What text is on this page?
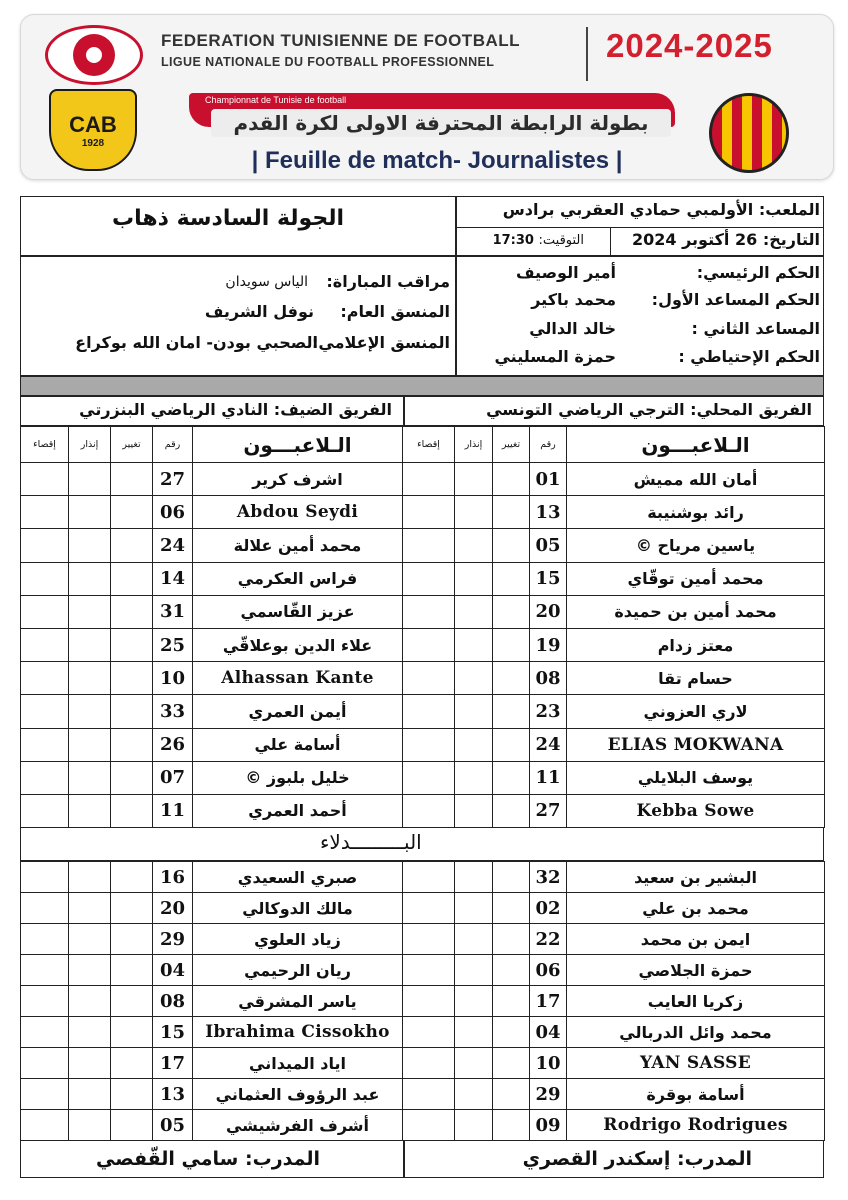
FEDERATION TUNISIENNE DE FOOTBALL
LIGUE NATIONALE DU FOOTBALL PROFESSIONNEL	2024-2025
CAB
1928
Championnat de Tunisie de football
بطولة الرابطة المحترفة الاولى لكرة القدم
| Feuille de match- Journalistes |
الجولة السادسة ذهاب	الملعب: الأولمبي حمادي العقربي برادس
التاريخ: 26 أكتوبر 2024
التوقيت: 17:30
الحكم الرئيسي:
أمير الوصيف
الحكم المساعد الأول:
محمد باكير
المساعد الثاني :
خالد الدالي
الحكم الإحتياطي :
حمزة المسليني
مراقب المباراة:
الياس سويدان
المنسق العام:
نوفل الشريف
المنسق الإعلامي:
الصحبي بودن- امان الله بوكراع
الفريق المحلي: الترجي الرياضي التونسي
الفريق الضيف: النادي الرياضي البنزرتي
إقصاء	إنذار	تغيير	رقم	الـلاعبـــون
			01	أمان الله مميش
			13	رائد بوشنيبة
			05	ياسين مرياح ©
			15	محمد أمين توقّاي
			20	محمد أمين بن حميدة
			19	معتز زدام
			08	حسام تقا
			23	لاري العزوني
			24	ELIAS MOKWANA
			11	يوسف البلايلي
			27	Kebba Sowe
إقصاء	إنذار	تغيير	رقم	الـلاعبـــون
			27	اشرف كرير
			06	Abdou Seydi
			24	محمد أمين علالة
			14	فراس العكرمي
			31	عزيز القّاسمي
			25	علاء الدين بوعلاقّي
			10	Alhassan Kante
			33	أيمن العمري
			26	أسامة علي
			07	خليل بلبوز ©
			11	أحمد العمري
البـــــــــدلاء
			32	البشير بن سعيد
			02	محمد بن علي
			22	ايمن بن محمد
			06	حمزة الجلاصي
			17	زكريا العايب
			04	محمد وائل الدربالي
			10	YAN SASSE
			29	أسامة بوقرة
			09	Rodrigo Rodrigues
			16	صبري السعيدي
			20	مالك الدوكالي
			29	زياد العلوي
			04	ريان الرحيمي
			08	ياسر المشرقي
			15	Ibrahima Cissokho
			17	اياد الميداني
			13	عبد الرؤوف العثماني
			05	أشرف الفرشيشي
المدرب: إسكندر القصري
المدرب: سامي القّفصي
